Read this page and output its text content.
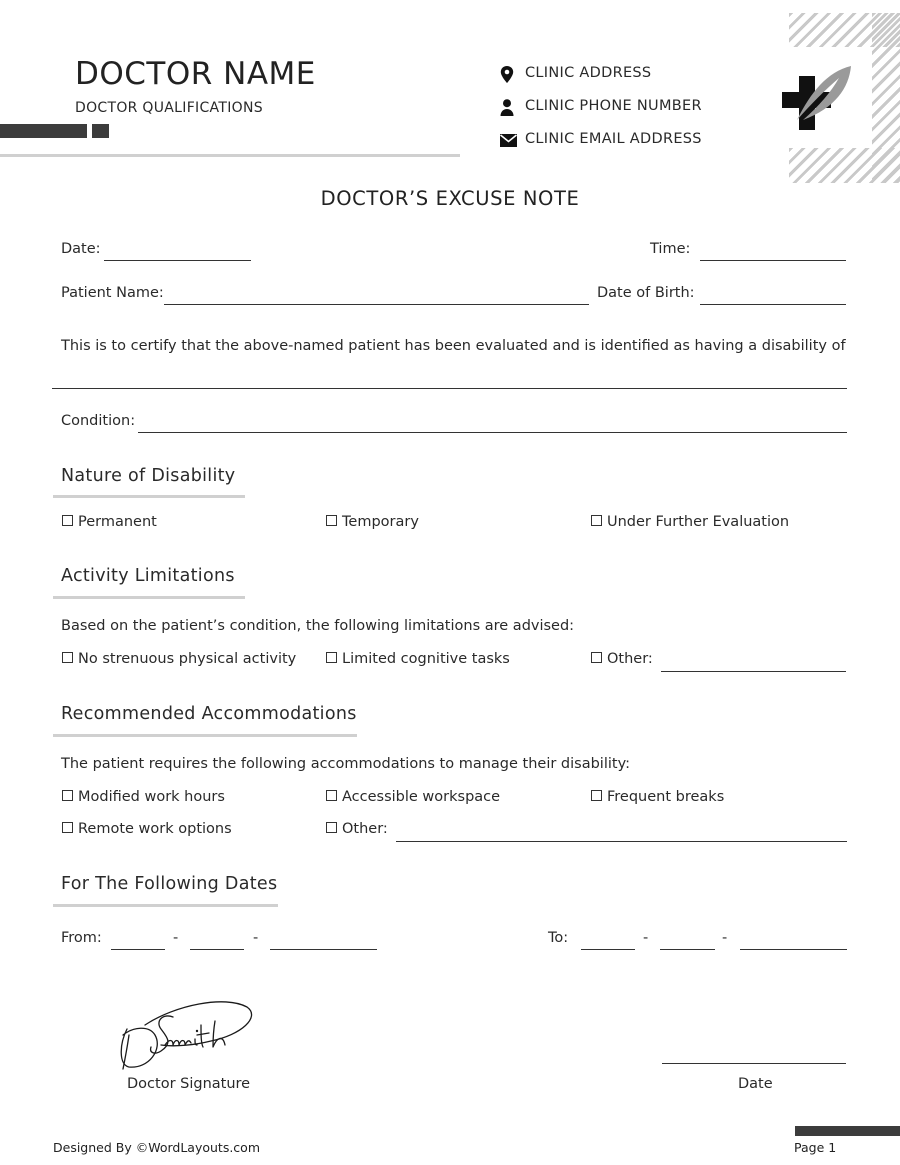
DOCTOR NAME
DOCTOR QUALIFICATIONS
CLINIC ADDRESS
CLINIC PHONE NUMBER
CLINIC EMAIL ADDRESS
DOCTOR’S EXCUSE NOTE
Date:	Time:
Patient Name:	Date of Birth:
This is to certify that the above-named patient has been evaluated and is identified as having a disability of
Condition:
Nature of Disability
Permanent	Temporary	Under Further Evaluation
Activity Limitations
Based on the patient’s condition, the following limitations are advised:
No strenuous physical activity	Limited cognitive tasks	Other:
Recommended Accommodations
The patient requires the following accommodations to manage their disability:
Modified work hours	Accessible workspace	Frequent breaks
Remote work options	Other:
For The Following Dates
From:	-	-	To:	-	-
Doctor Signature	Date
Designed By ©WordLayouts.com	Page 1
